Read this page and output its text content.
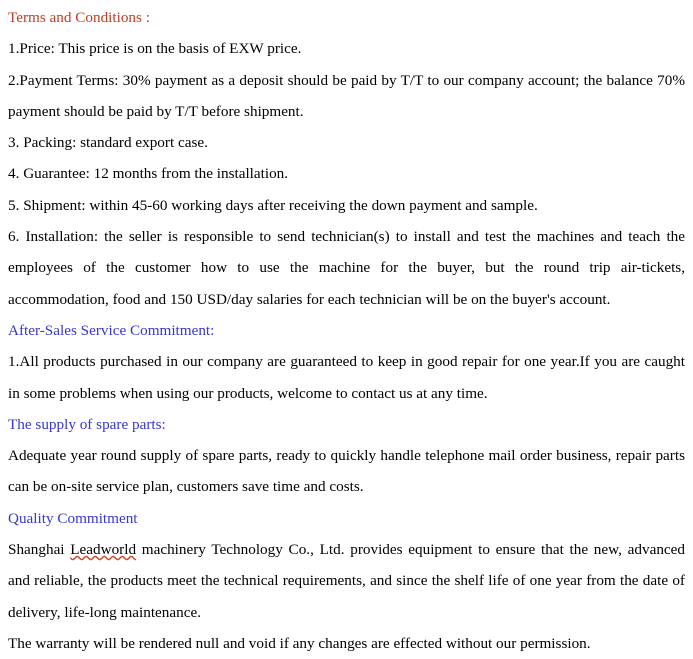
Terms and Conditions :
1.Price: This price is on the basis of EXW price.
2.Payment Terms: 30% payment as a deposit should be paid by T/T to our company account; the balance 70% payment should be paid by T/T before shipment.
3. Packing: standard export case.
4. Guarantee: 12 months from the installation.
5. Shipment: within 45-60 working days after receiving the down payment and sample.
6. Installation: the seller is responsible to send technician(s) to install and test the machines and teach the employees of the customer how to use the machine for the buyer, but the round trip air-tickets, accommodation, food and 150 USD/day salaries for each technician will be on the buyer's account.
After-Sales Service Commitment:
1.All products purchased in our company are guaranteed to keep in good repair for one year.If you are caught in some problems when using our products, welcome to contact us at any time.
The supply of spare parts:
Adequate year round supply of spare parts, ready to quickly handle telephone mail order business, repair parts can be on-site service plan, customers save time and costs.
Quality Commitment
Shanghai Leadworld machinery Technology Co., Ltd. provides equipment to ensure that the new, advanced and reliable, the products meet the technical requirements, and since the shelf life of one year from the date of delivery, life-long maintenance.
The warranty will be rendered null and void if any changes are effected without our permission.
